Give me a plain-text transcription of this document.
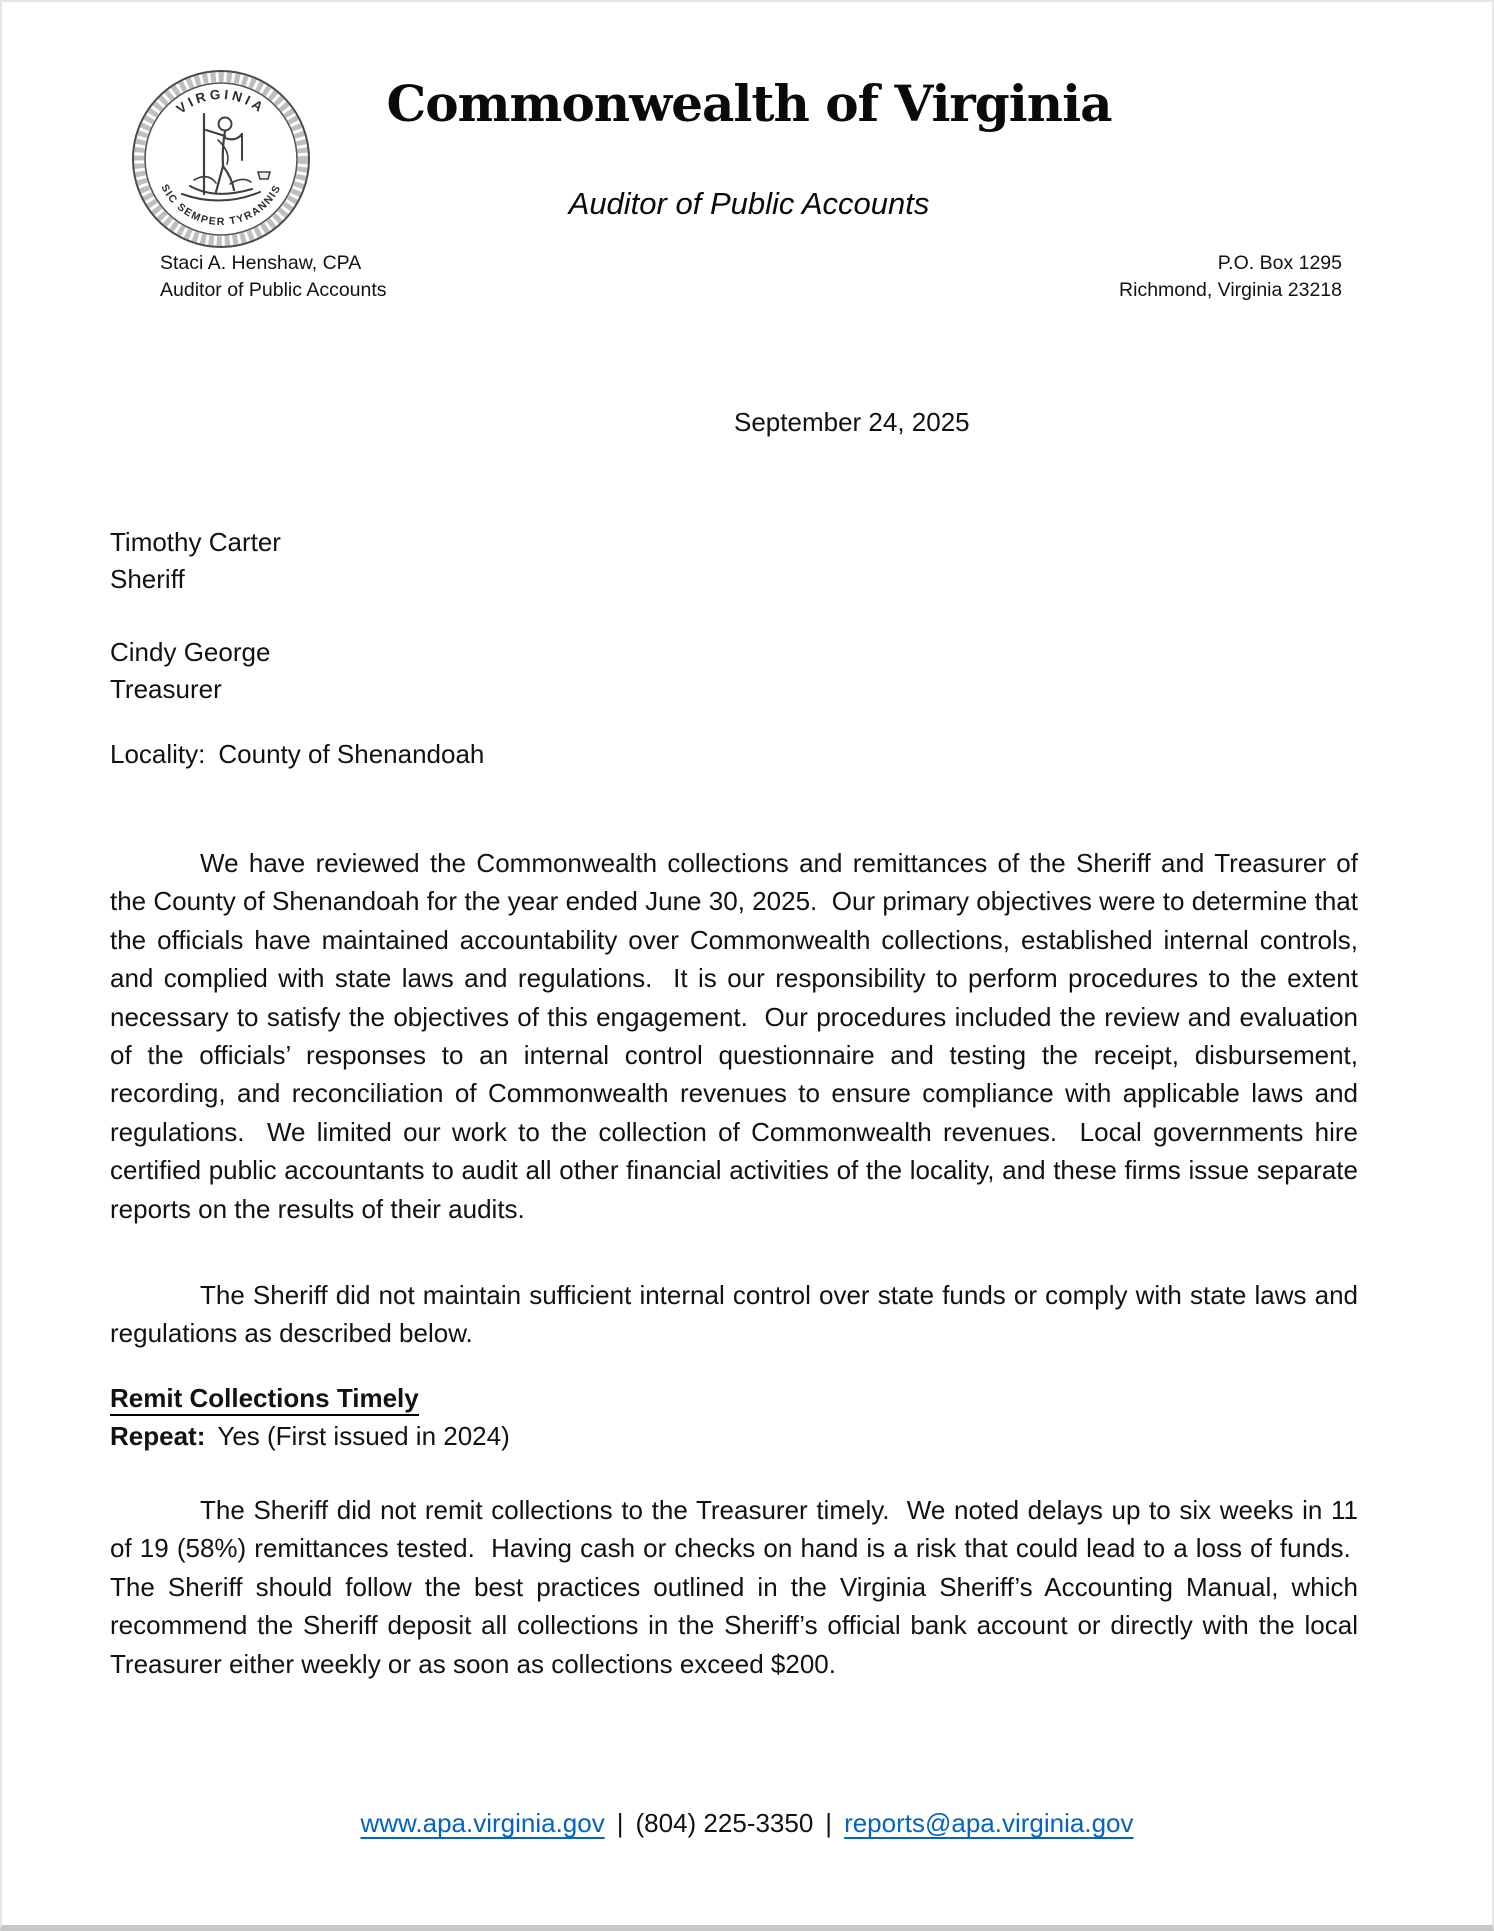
VIRGINIA
SIC SEMPER TYRANNIS
Commonwealth of Virginia
Auditor of Public Accounts
Staci A. Henshaw, CPA
Auditor of Public Accounts
P.O. Box 1295
Richmond, Virginia 23218
September 24, 2025
Timothy Carter
Sheriff
Cindy George
Treasurer
Locality: County of Shenandoah

We have reviewed the Commonwealth collections and remittances of the Sheriff and Treasurer of the County of Shenandoah for the year ended June 30, 2025.  Our primary objectives were to determine that the officials have maintained accountability over Commonwealth collections, established internal controls, and complied with state laws and regulations.  It is our responsibility to perform procedures to the extent necessary to satisfy the objectives of this engagement.  Our procedures included the review and evaluation of the officials’ responses to an internal control questionnaire and testing the receipt, disbursement, recording, and reconciliation of Commonwealth revenues to ensure compliance with applicable laws and regulations.  We limited our work to the collection of Commonwealth revenues.  Local governments hire certified public accountants to audit all other financial activities of the locality, and these firms issue separate reports on the results of their audits.

The Sheriff did not maintain sufficient internal control over state funds or comply with state laws and regulations as described below.

Remit Collections Timely
Repeat: Yes (First issued in 2024)

The Sheriff did not remit collections to the Treasurer timely.  We noted delays up to six weeks in 11 of 19 (58%) remittances tested.  Having cash or checks on hand is a risk that could lead to a loss of funds.  The Sheriff should follow the best practices outlined in the Virginia Sheriff’s Accounting Manual, which recommend the Sheriff deposit all collections in the Sheriff’s official bank account or directly with the local Treasurer either weekly or as soon as collections exceed $200.

www.apa.virginia.gov | (804) 225-3350 | reports@apa.virginia.gov
